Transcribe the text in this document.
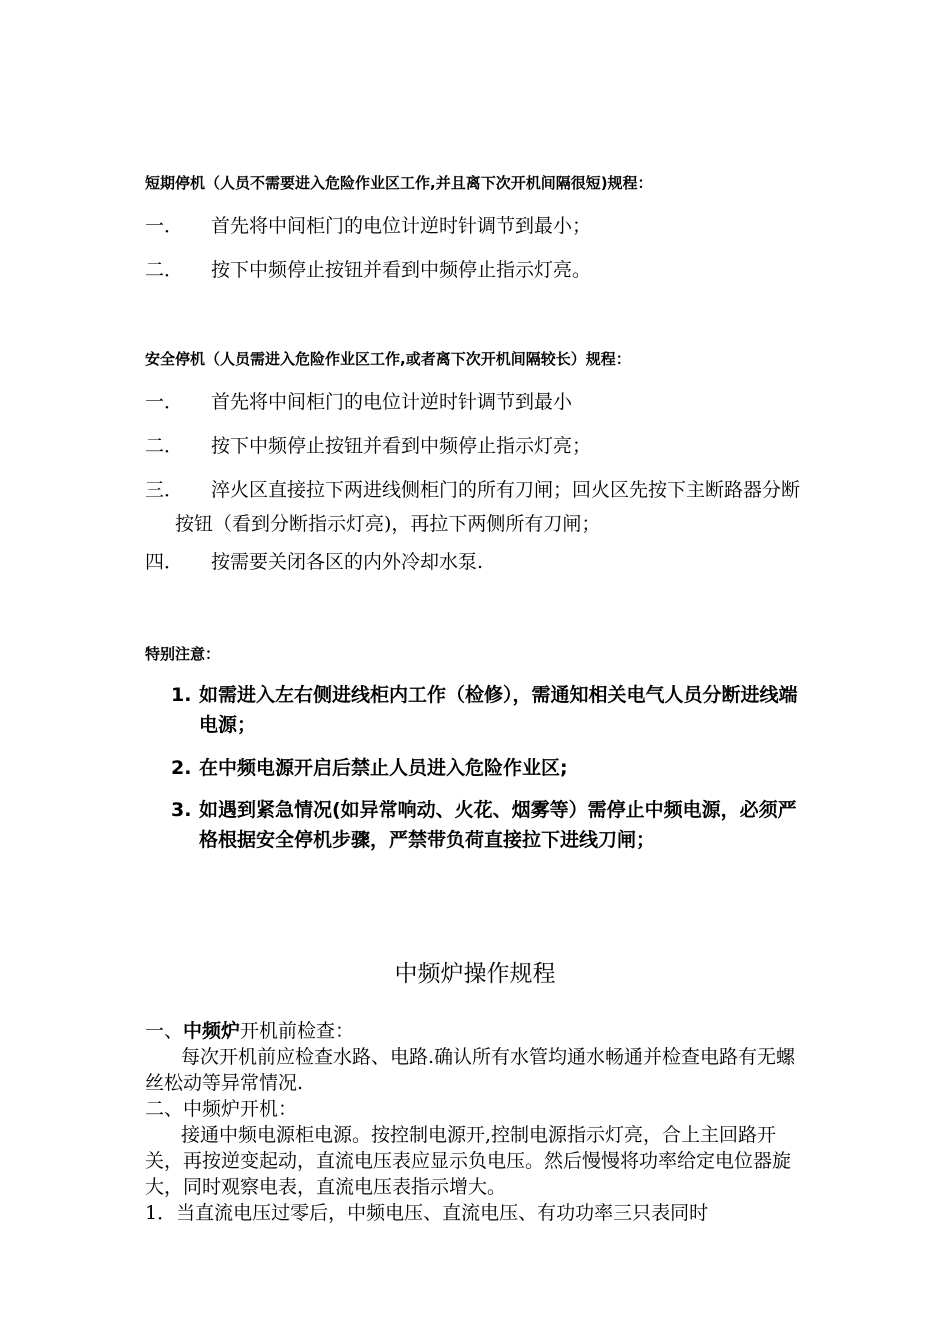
短期停机（人员不需要进入危险作业区工作,并且离下次开机间隔很短)规程：
一．	首先将中间柜门的电位计逆时针调节到最小；
二．	按下中频停止按钮并看到中频停止指示灯亮。
安全停机（人员需进入危险作业区工作,或者离下次开机间隔较长）规程：
一．	首先将中间柜门的电位计逆时针调节到最小
二．	按下中频停止按钮并看到中频停止指示灯亮；
三．	淬火区直接拉下两进线侧柜门的所有刀闸；回火区先按下主断路器分断按钮（看到分断指示灯亮)，再拉下两侧所有刀闸；
四．	按需要关闭各区的内外冷却水泵.
特别注意：
1. 如需进入左右侧进线柜内工作（检修），需通知相关电气人员分断进线端电源；
2. 在中频电源开启后禁止人员进入危险作业区;
3. 如遇到紧急情况(如异常响动、火花、烟雾等）需停止中频电源，必须严格根据安全停机步骤，严禁带负荷直接拉下进线刀闸；
中频炉操作规程

一、中频炉开机前检查：

每次开机前应检查水路、电路.确认所有水管均通水畅通并检查电路有无螺丝松动等异常情况.

二、中频炉开机：

接通中频电源柜电源。按控制电源开,控制电源指示灯亮，合上主回路开关，再按逆变起动，直流电压表应显示负电压。然后慢慢将功率给定电位器旋大，同时观察电表，直流电压表指示增大。

1．当直流电压过零后，中频电压、直流电压、有功功率三只表同时
